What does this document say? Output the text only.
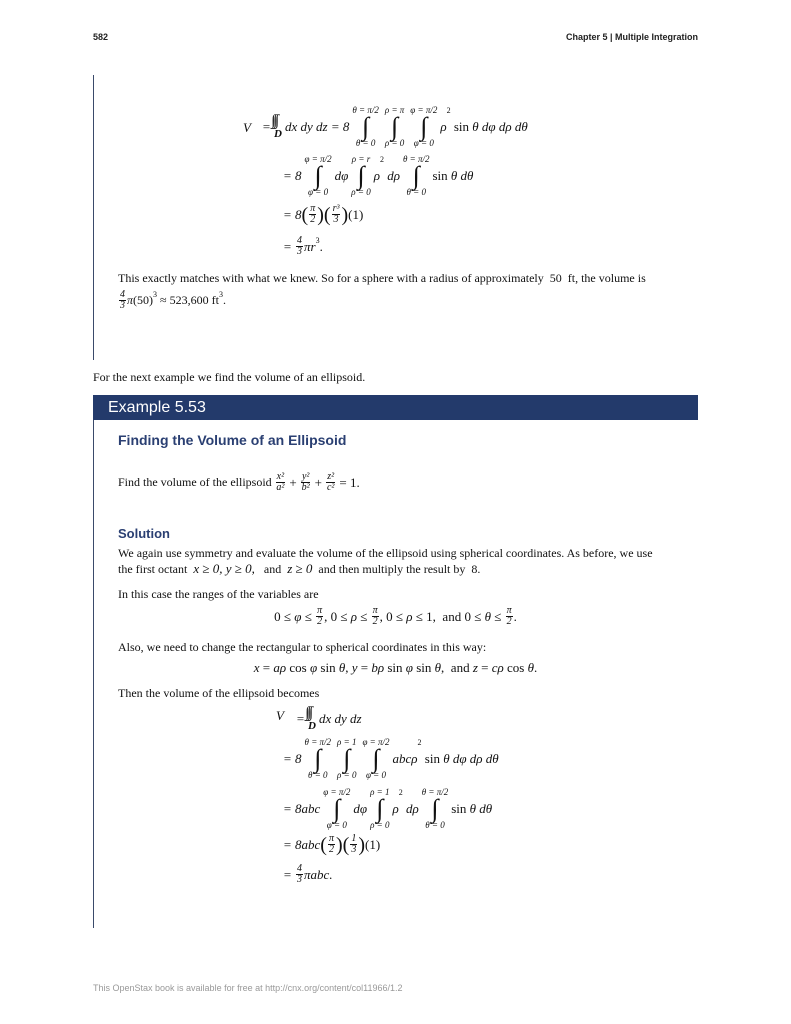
582	Chapter 5 | Multiple Integration
V = D dx dy dz = 8
θ = π/2
∫
θ = 0
ρ = π
∫
ρ = 0
φ = π/2
∫
φ = 0
ρ
2
sin θ dφ dρ dθ
= 8
φ = π/2
∫
φ = 0
dφ
ρ = r
∫
ρ = 0
ρ
2
dρ
θ = π/2
∫
θ = 0
sin θ dθ
= 8 ( $\frac{\pi}{2}$ ) ( $\frac{\text{r³}}{3}$ ) (1)
= $\frac{4}{3} \pi r^3$ .
This exactly matches with what we knew. So for a sphere with a radius of approximately 50 ft, the volume is
$\frac{4}{3}$ π $(50)^3 \approx 523,600$ $ft^3$ .
For the next example we find the volume of an ellipsoid.
Example 5.53
Finding the Volume of an Ellipsoid
Find the volume of the ellipsoid
$\frac{\text{x²}}{\text{a²}} + \frac{\text{y²}}{\text{b²}} + \frac{\text{z²}}{\text{c²}} = 1$.
Solution
We again use symmetry and evaluate the volume of the ellipsoid using spherical coordinates. As before, we use
the first octant x ≥ 0, y ≥ 0, and z ≥ 0 and then multiply the result by 8.
In this case the ranges of the variables are
$0 \le \varphi \le \frac{\pi}{2}$ , $0 \le \rho \le \frac{\pi}{2}$ , 0 ≤ ρ ≤ 1,  and $0 \le \theta \le \frac{\pi}{2}$ .
Also, we need to change the rectangular to spherical coordinates in this way:
x = aρ cos φ sin θ , y = bρ sin φ sin θ ,  and z = cρ cos θ .
Then the volume of the ellipsoid becomes
V = D dx dy dz
= 8
θ = π/2
∫
θ = 0
ρ = 1
∫
ρ = 0
φ = π/2
∫
φ = 0
abcρ
2
sin θ dφ dρ dθ
= 8abc
φ = π/2
∫
φ = 0
dφ
ρ = 1
∫
ρ = 0
ρ
2
dρ
θ = π/2
∫
θ = 0
sin θ dθ
= 8abc ( $\frac{\pi}{2}$ ) ( $\frac{1}{3}$ ) (1)
= $\frac{4}{3} \pi abc$.
This OpenStax book is available for free at http://cnx.org/content/col11966/1.2
